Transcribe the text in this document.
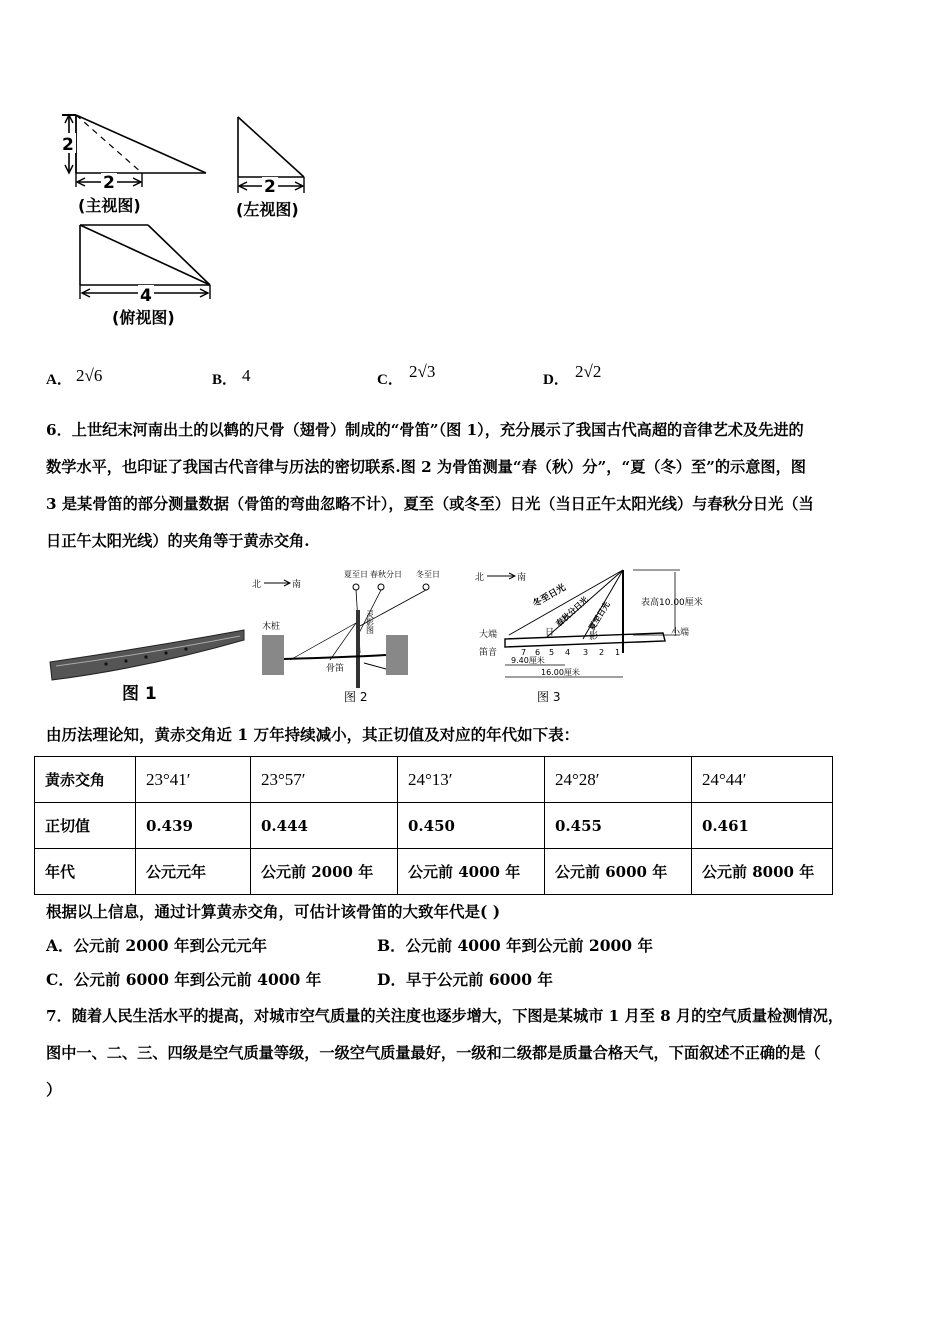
2
2
(主视图)
2
(左视图)
4
(俯视图)
A． 2√6	B． 4	C． 2√3	D． 2√2
6．上世纪末河南出土的以鹤的尺骨（翅骨）制成的“骨笛”（图 1），充分展示了我国古代高超的音律艺术及先进的
数学水平，也印证了我国古代音律与历法的密切联系.图 2 为骨笛测量“春（秋）分”，“夏（冬）至”的示意图，图
3 是某骨笛的部分测量数据（骨笛的弯曲忽略不计），夏至（或冬至）日光（当日正午太阳光线）与春秋分日光（当
日正午太阳光线）的夹角等于黄赤交角.
图 1
北	南
夏至日 春秋分日 冬至日
灵影图
木桩
骨笛
图 2
北	南
冬至日光
春秋分日光
夏至日光
日	影
表高10.00厘米
大端	小端
笛音	7 6 5 4 3 2 1
9.40厘米
16.00厘米
图 3
由历法理论知，黄赤交角近 1 万年持续减小，其正切值及对应的年代如下表：
黄赤交角	23°41′	23°57′	24°13′	24°28′	24°44′
正切值	0.439	0.444	0.450	0.455	0.461
年代	公元元年	公元前 2000 年	公元前 4000 年	公元前 6000 年	公元前 8000 年
根据以上信息，通过计算黄赤交角，可估计该骨笛的大致年代是( )
A．公元前 2000 年到公元元年	B．公元前 4000 年到公元前 2000 年
C．公元前 6000 年到公元前 4000 年	D．早于公元前 6000 年
7．随着人民生活水平的提高，对城市空气质量的关注度也逐步增大，下图是某城市 1 月至 8 月的空气质量检测情况，
图中一、二、三、四级是空气质量等级，一级空气质量最好，一级和二级都是质量合格天气，下面叙述不正确的是（
）
